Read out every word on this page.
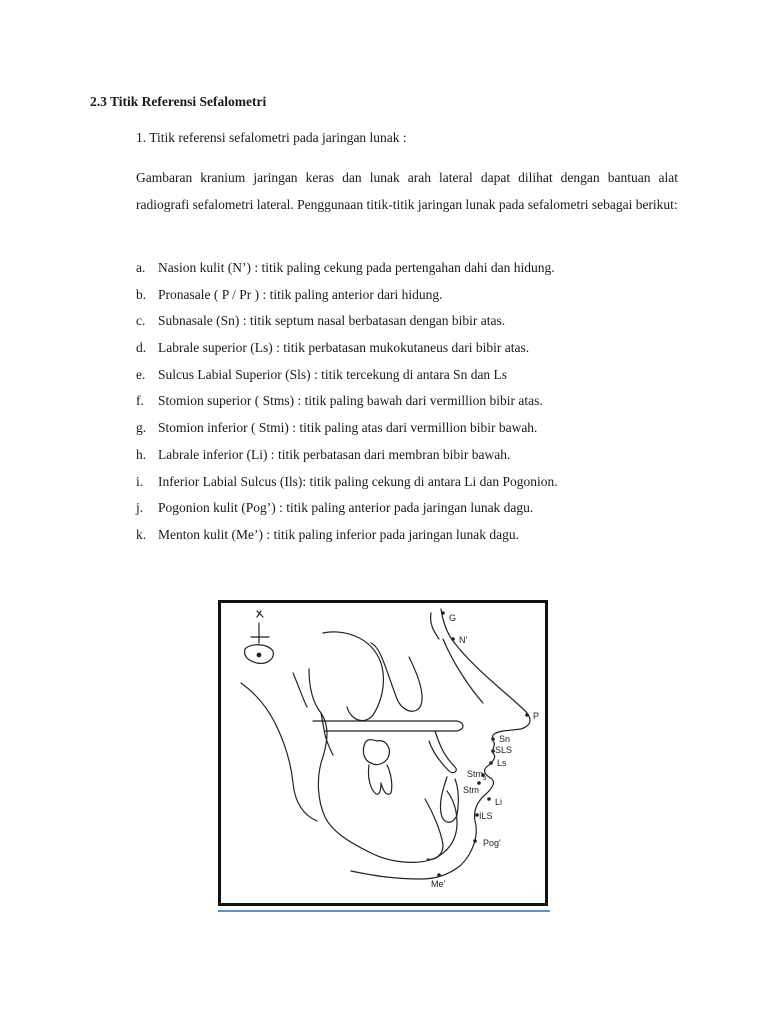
2.3 Titik Referensi Sefalometri

1. Titik referensi sefalometri pada jaringan lunak :

Gambaran kranium jaringan keras dan lunak arah lateral dapat dilihat dengan bantuan alat radiografi sefalometri lateral. Penggunaan titik-titik jaringan lunak pada sefalometri sebagai berikut:

a. Nasion kulit (N’) : titik paling cekung pada pertengahan dahi dan hidung.
b. Pronasale ( P / Pr ) : titik paling anterior dari hidung.
c. Subnasale (Sn) : titik septum nasal berbatasan dengan bibir atas.
d. Labrale superior (Ls) : titik perbatasan mukokutaneus dari bibir atas.
e. Sulcus Labial Superior (Sls) : titik tercekung di antara Sn dan Ls
f.	Stomion superior ( Stms) : titik paling bawah dari vermillion bibir atas.
g. Stomion inferior ( Stmi) : titik paling atas dari vermillion bibir bawah.
h. Labrale inferior (Li) : titik perbatasan dari membran bibir bawah.
i.	Inferior Labial Sulcus (Ils): titik paling cekung di antara Li dan Pogonion.
j.	Pogonion kulit (Pog’) : titik paling anterior pada jaringan lunak dagu.
k. Menton kulit (Me’) : titik paling inferior pada jaringan lunak dagu.
G
N'
P
Sn
SLS
Ls
Stm$_s$
Stm
Li
ILS
Pog'
Me'
